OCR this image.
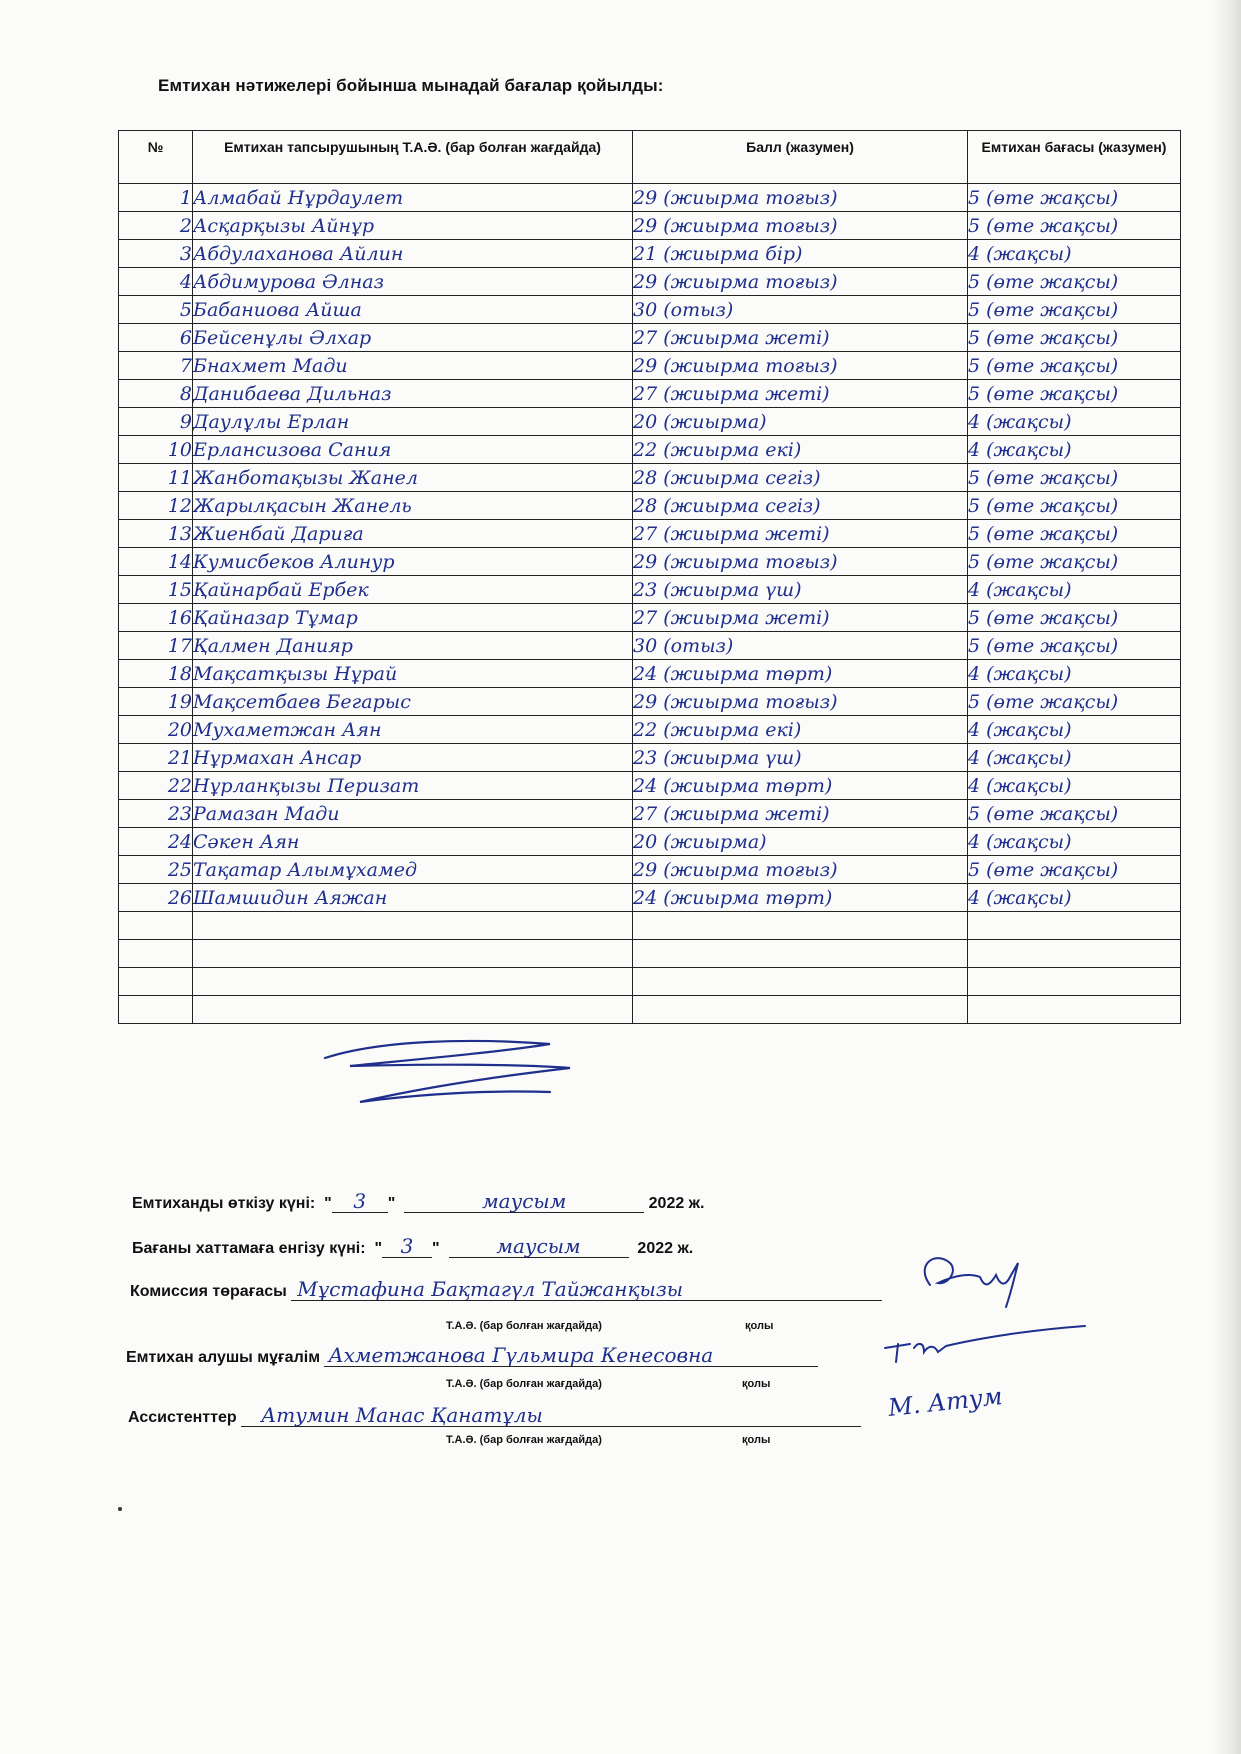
Емтихан нәтижелері бойынша мынадай бағалар қойылды:
№	Емтихан тапсырушының Т.А.Ә. (бар болған жағдайда)	Балл (жазумен)	Емтихан бағасы (жазумен)
1	Алмабай Нұрдаулет	29 (жиырма тоғыз)	5 (өте жақсы)
2	Асқарқызы Айнұр	29 (жиырма тоғыз)	5 (өте жақсы)
3	Абдулаханова Айлин	21 (жиырма бір)	4 (жақсы)
4	Абдимурова Әлназ	29 (жиырма тоғыз)	5 (өте жақсы)
5	Бабаниова Айша	30 (отыз)	5 (өте жақсы)
6	Бейсенұлы Әлхар	27 (жиырма жеті)	5 (өте жақсы)
7	Бнахмет Мади	29 (жиырма тоғыз)	5 (өте жақсы)
8	Данибаева Дильназ	27 (жиырма жеті)	5 (өте жақсы)
9	Даулұлы Ерлан	20 (жиырма)	4 (жақсы)
10	Ерлансизова Сания	22 (жиырма екі)	4 (жақсы)
11	Жанботақызы Жанел	28 (жиырма сегіз)	5 (өте жақсы)
12	Жарылқасын Жанель	28 (жиырма сегіз)	5 (өте жақсы)
13	Жиенбай Дариға	27 (жиырма жеті)	5 (өте жақсы)
14	Кумисбеков Алинур	29 (жиырма тоғыз)	5 (өте жақсы)
15	Қайнарбай Ербек	23 (жиырма үш)	4 (жақсы)
16	Қайназар Тұмар	27 (жиырма жеті)	5 (өте жақсы)
17	Қалмен Данияр	30 (отыз)	5 (өте жақсы)
18	Мақсатқызы Нұрай	24 (жиырма төрт)	4 (жақсы)
19	Мақсетбаев Бегарыс	29 (жиырма тоғыз)	5 (өте жақсы)
20	Мухаметжан Аян	22 (жиырма екі)	4 (жақсы)
21	Нұрмахан Ансар	23 (жиырма үш)	4 (жақсы)
22	Нұрланқызы Перизат	24 (жиырма төрт)	4 (жақсы)
23	Рамазан Мади	27 (жиырма жеті)	5 (өте жақсы)
24	Сәкен Аян	20 (жиырма)	4 (жақсы)
25	Тақатар Алымұхамед	29 (жиырма тоғыз)	5 (өте жақсы)
26	Шамшидин Аяжан	24 (жиырма төрт)	4 (жақсы)

Емтиханды өткізу күні:  " 3 "	маусым	2022 ж.
Бағаны хаттамаға енгізу күні:  " 3 "	маусым	2022 ж.
Комиссия төрағасы Мұстафина Бақтагүл Тайжанқызы
Т.А.Ә. (бар болған жағдайда)	қолы
Емтихан алушы мұғалім Ахметжанова Гүльмира Кенесовна
Т.А.Ә. (бар болған жағдайда)	қолы
Ассистенттер Атумин Манас Қанатұлы	М. Атум
Т.А.Ә. (бар болған жағдайда)	қолы
